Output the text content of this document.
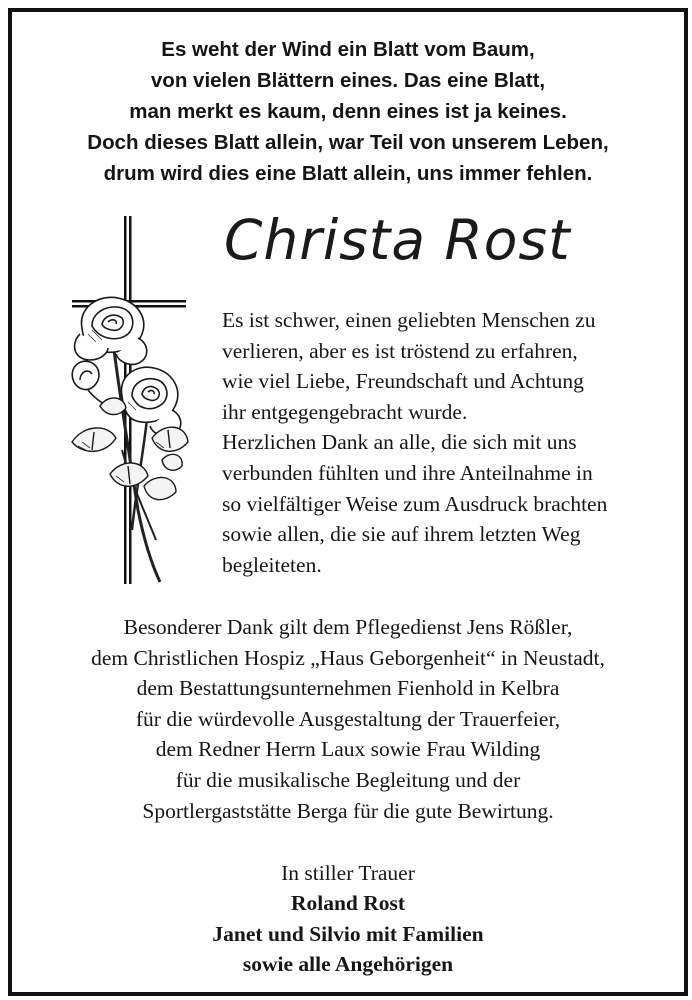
Es weht der Wind ein Blatt vom Baum,
von vielen Blättern eines. Das eine Blatt,
man merkt es kaum, denn eines ist ja keines.
Doch dieses Blatt allein, war Teil von unserem Leben,
drum wird dies eine Blatt allein, uns immer fehlen.
Christa Rost
Es ist schwer, einen geliebten Menschen zu
verlieren, aber es ist tröstend zu erfahren,
wie viel Liebe, Freundschaft und Achtung
ihr entgegengebracht wurde.
Herzlichen Dank an alle, die sich mit uns
verbunden fühlten und ihre Anteilnahme in
so vielfältiger Weise zum Ausdruck brachten
sowie allen, die sie auf ihrem letzten Weg
begleiteten.
Besonderer Dank gilt dem Pflegedienst Jens Rößler,
dem Christlichen Hospiz „Haus Geborgenheit“ in Neustadt,
dem Bestattungsunternehmen Fienhold in Kelbra
für die würdevolle Ausgestaltung der Trauerfeier,
dem Redner Herrn Laux sowie Frau Wilding
für die musikalische Begleitung und der
Sportlergaststätte Berga für die gute Bewirtung.
In stiller Trauer
Roland Rost
Janet und Silvio mit Familien
sowie alle Angehörigen
